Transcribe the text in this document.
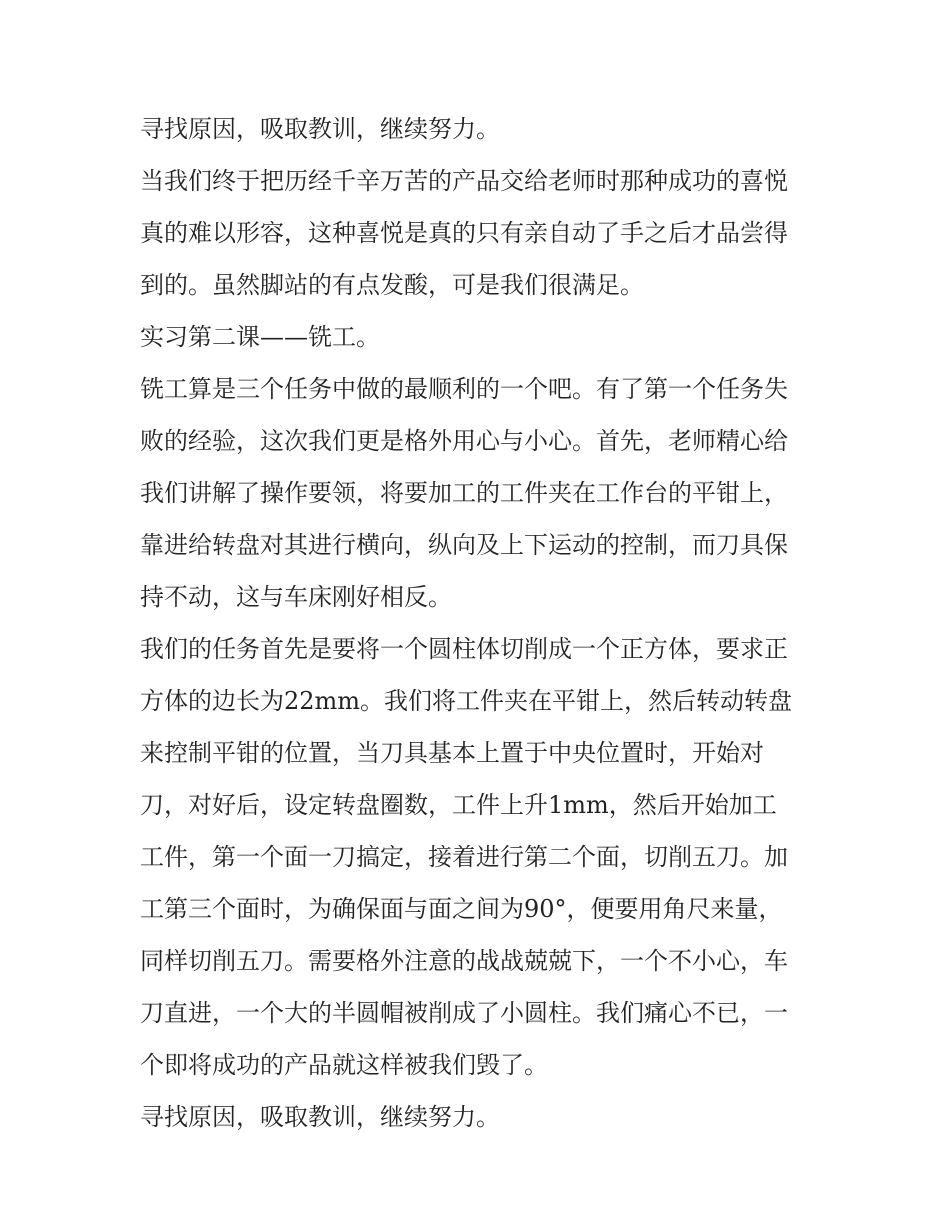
寻找原因，吸取教训，继续努力。
当我们终于把历经千辛万苦的产品交给老师时那种成功的喜悦
真的难以形容，这种喜悦是真的只有亲自动了手之后才品尝得
到的。虽然脚站的有点发酸，可是我们很满足。
实习第二课——铣工。
铣工算是三个任务中做的最顺利的一个吧。有了第一个任务失
败的经验，这次我们更是格外用心与小心。首先，老师精心给
我们讲解了操作要领，将要加工的工件夹在工作台的平钳上，
靠进给转盘对其进行横向，纵向及上下运动的控制，而刀具保
持不动，这与车床刚好相反。
我们的任务首先是要将一个圆柱体切削成一个正方体，要求正
方体的边长为22mm。我们将工件夹在平钳上，然后转动转盘
来控制平钳的位置，当刀具基本上置于中央位置时，开始对
刀，对好后，设定转盘圈数，工件上升1mm，然后开始加工
工件，第一个面一刀搞定，接着进行第二个面，切削五刀。加
工第三个面时，为确保面与面之间为90°，便要用角尺来量，
同样切削五刀。需要格外注意的战战兢兢下，一个不小心，车
刀直进，一个大的半圆帽被削成了小圆柱。我们痛心不已，一
个即将成功的产品就这样被我们毁了。
寻找原因，吸取教训，继续努力。
